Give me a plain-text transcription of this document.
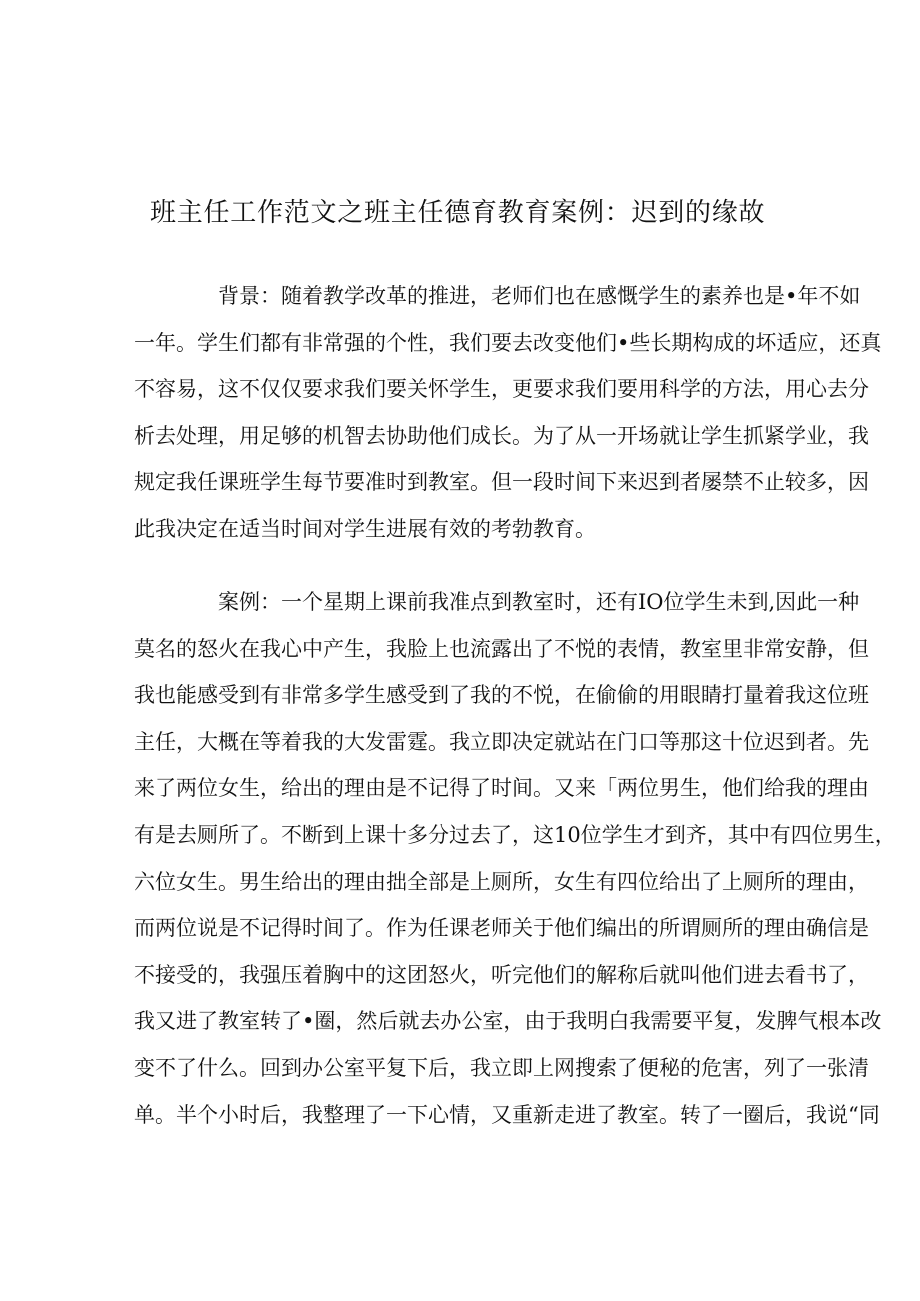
班主任工作范文之班主任德育教育案例：迟到的缘故
背景：随着教学改革的推进，老师们也在感慨学生的素养也是•年不如
一年。学生们都有非常强的个性，我们要去改变他们•些长期构成的坏适应，还真
不容易，这不仅仅要求我们要关怀学生，更要求我们要用科学的方法，用心去分
析去处理，用足够的机智去协助他们成长。为了从一开场就让学生抓紧学业，我
规定我任课班学生每节要准时到教室。但一段时间下来迟到者屡禁不止较多，因
此我决定在适当时间对学生进展有效的考勃教育。
案例：一个星期上课前我准点到教室时，还有IO位学生未到,因此一种
莫名的怒火在我心中产生，我脸上也流露出了不悦的表情，教室里非常安静，但
我也能感受到有非常多学生感受到了我的不悦，在偷偷的用眼睛打量着我这位班
主任，大概在等着我的大发雷霆。我立即决定就站在门口等那这十位迟到者。先
来了两位女生，给出的理由是不记得了时间。又来「两位男生，他们给我的理由
有是去厕所了。不断到上课十多分过去了，这10位学生才到齐，其中有四位男生，
六位女生。男生给出的理由拙全部是上厕所，女生有四位给出了上厕所的理由，
而两位说是不记得时间了。作为任课老师关于他们编出的所谓厕所的理由确信是
不接受的，我强压着胸中的这团怒火，听完他们的解称后就叫他们进去看书了，
我又进了教室转了•圈，然后就去办公室，由于我明白我需要平复，发脾气根本改
变不了什么。回到办公室平复下后，我立即上网搜索了便秘的危害，列了一张清
单。半个小时后，我整理了一下心情，又重新走进了教室。转了一圈后，我说“同
